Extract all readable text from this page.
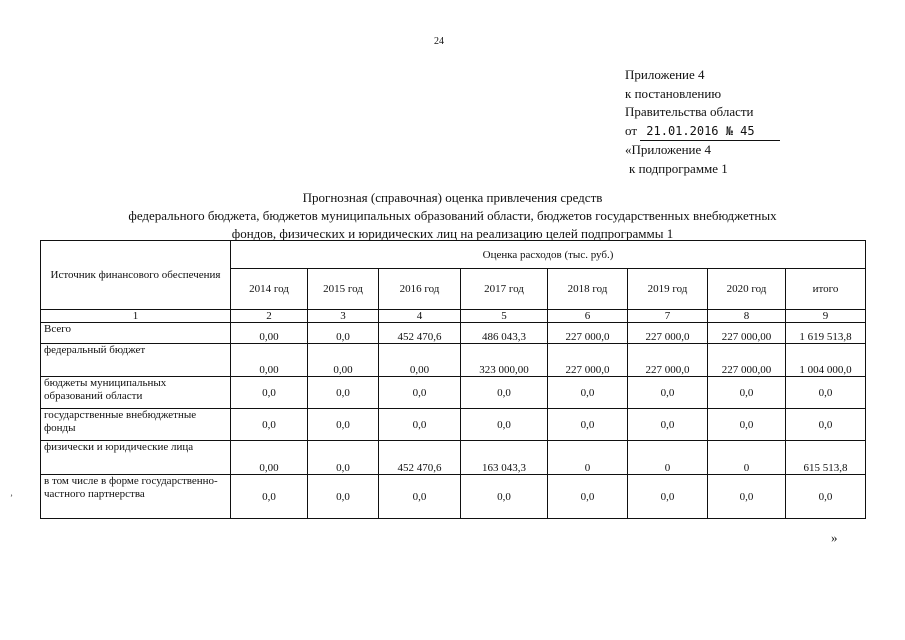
24
Приложение 4
к постановлению
Правительства области
от 21.01.2016 № 45
«Приложение 4
к подпрограмме 1
Прогнозная (справочная) оценка привлечения средств
федерального бюджета, бюджетов муниципальных образований области, бюджетов государственных внебюджетных
фондов, физических и юридических лиц на реализацию целей подпрограммы 1
Источник финансового обеспечения	Оценка расходов (тыс. руб.)							
	2014 год	2015 год	2016 год	2017 год	2018 год	2019 год	2020 год	итого
1	2	3	4	5	6	7	8	9
Всего	0,00	0,0	452 470,6	486 043,3	227 000,0	227 000,0	227 000,00	1 619 513,8
федеральный бюджет	0,00	0,00	0,00	323 000,00	227 000,0	227 000,0	227 000,00	1 004 000,0
бюджеты муниципальных образований области	0,0	0,0	0,0	0,0	0,0	0,0	0,0	0,0
государственные внебюджетные фонды	0,0	0,0	0,0	0,0	0,0	0,0	0,0	0,0
физически и юридические лица	0,00	0,0	452 470,6	163 043,3	0	0	0	615 513,8
в том числе в форме государственно-частного партнерства	0,0	0,0	0,0	0,0	0,0	0,0	0,0	0,0
»
ʼ
